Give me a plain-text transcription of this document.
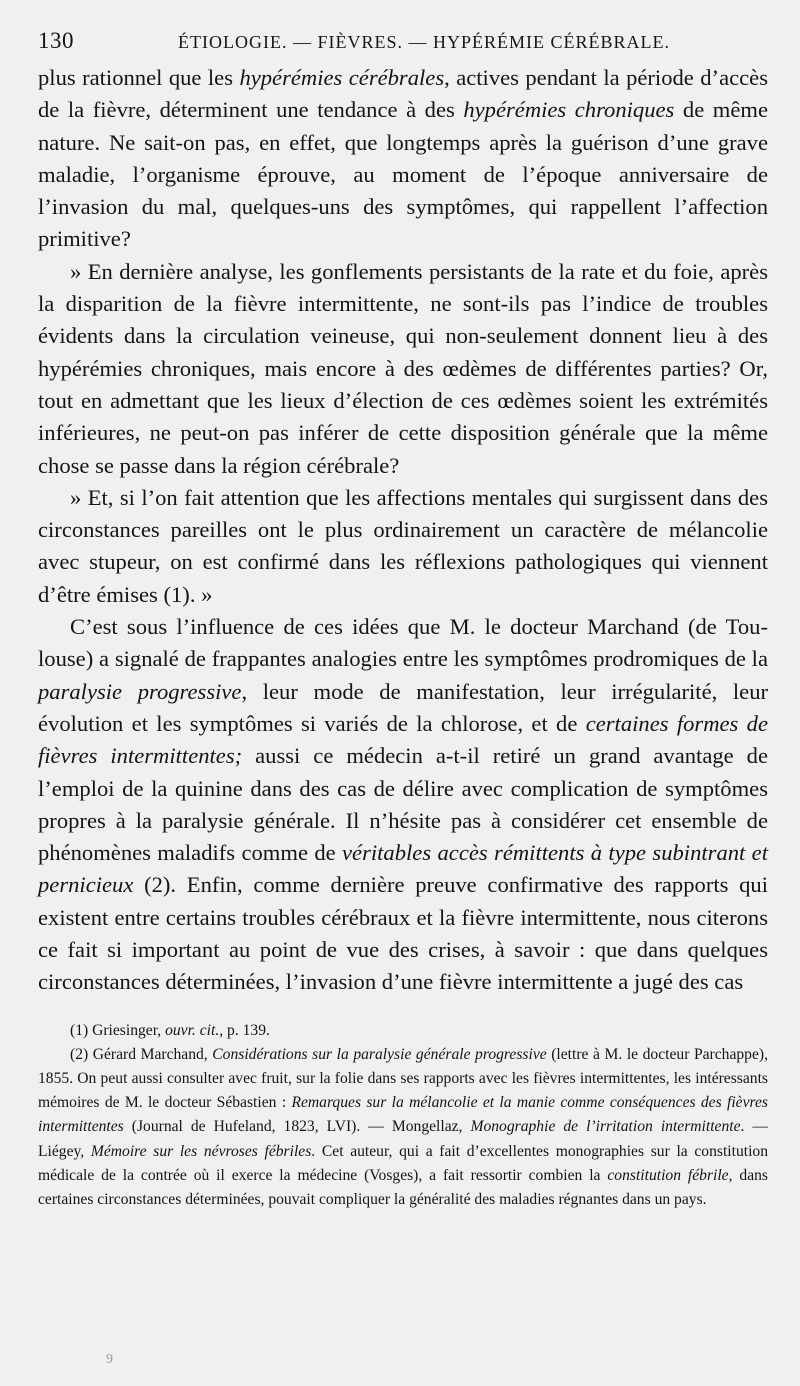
130	ÉTIOLOGIE. — FIÈVRES. — HYPÉRÉMIE CÉRÉBRALE.

plus rationnel que les hypérémies cérébrales, actives pendant la période d’accès de la fièvre, déterminent une tendance à des hypérémies chroniques de même nature. Ne sait-on pas, en effet, que longtemps après la guérison d’une grave maladie, l’organisme éprouve, au moment de l’époque anniversaire de l’invasion du mal, quelques-uns des symptômes, qui rappellent l’affection primitive?

» En dernière analyse, les gonflements persistants de la rate et du foie, après la disparition de la fièvre intermittente, ne sont-ils pas l’indice de troubles évidents dans la circulation veineuse, qui non-seulement donnent lieu à des hypérémies chroniques, mais encore à des œdèmes de différentes parties? Or, tout en admettant que les lieux d’élection de ces œdèmes soient les extrémités inférieures, ne peut-on pas inférer de cette disposition générale que la même chose se passe dans la région cérébrale?

» Et, si l’on fait attention que les affections mentales qui surgissent dans des circonstances pareilles ont le plus ordinairement un caractère de mélancolie avec stupeur, on est confirmé dans les réflexions pathologiques qui viennent d’être émises (1). »

C’est sous l’influence de ces idées que M. le docteur Marchand (de Toulouse) a signalé de frappantes analogies entre les symptômes prodromiques de la paralysie progressive, leur mode de manifestation, leur irrégularité, leur évolution et les symptômes si variés de la chlorose, et de certaines formes de fièvres intermittentes; aussi ce médecin a-t-il retiré un grand avantage de l’emploi de la quinine dans des cas de délire avec complication de symptômes propres à la paralysie générale. Il n’hésite pas à considérer cet ensemble de phénomènes maladifs comme de véritables accès rémittents à type subintrant et pernicieux (2). Enfin, comme dernière preuve confirmative des rapports qui existent entre certains troubles cérébraux et la fièvre intermittente, nous citerons ce fait si important au point de vue des crises, à savoir : que dans quelques circonstances déterminées, l’invasion d’une fièvre intermittente a jugé des cas

(1) Griesinger, ouvr. cit., p. 139.

(2) Gérard Marchand, Considérations sur la paralysie générale progressive (lettre à M. le docteur Parchappe), 1855. On peut aussi consulter avec fruit, sur la folie dans ses rapports avec les fièvres intermittentes, les intéressants mémoires de M. le docteur Sébastien : Remarques sur la mélancolie et la manie comme conséquences des fièvres intermittentes (Journal de Hufeland, 1823, LVI). — Mongellaz, Monographie de l’irritation intermittente. — Liégey, Mémoire sur les névroses fébriles. Cet auteur, qui a fait d’excellentes monographies sur la constitution médicale de la contrée où il exerce la médecine (Vosges), a fait ressortir combien la constitution fébrile, dans certaines circonstances déterminées, pouvait compliquer la généralité des maladies régnantes dans un pays.

9
